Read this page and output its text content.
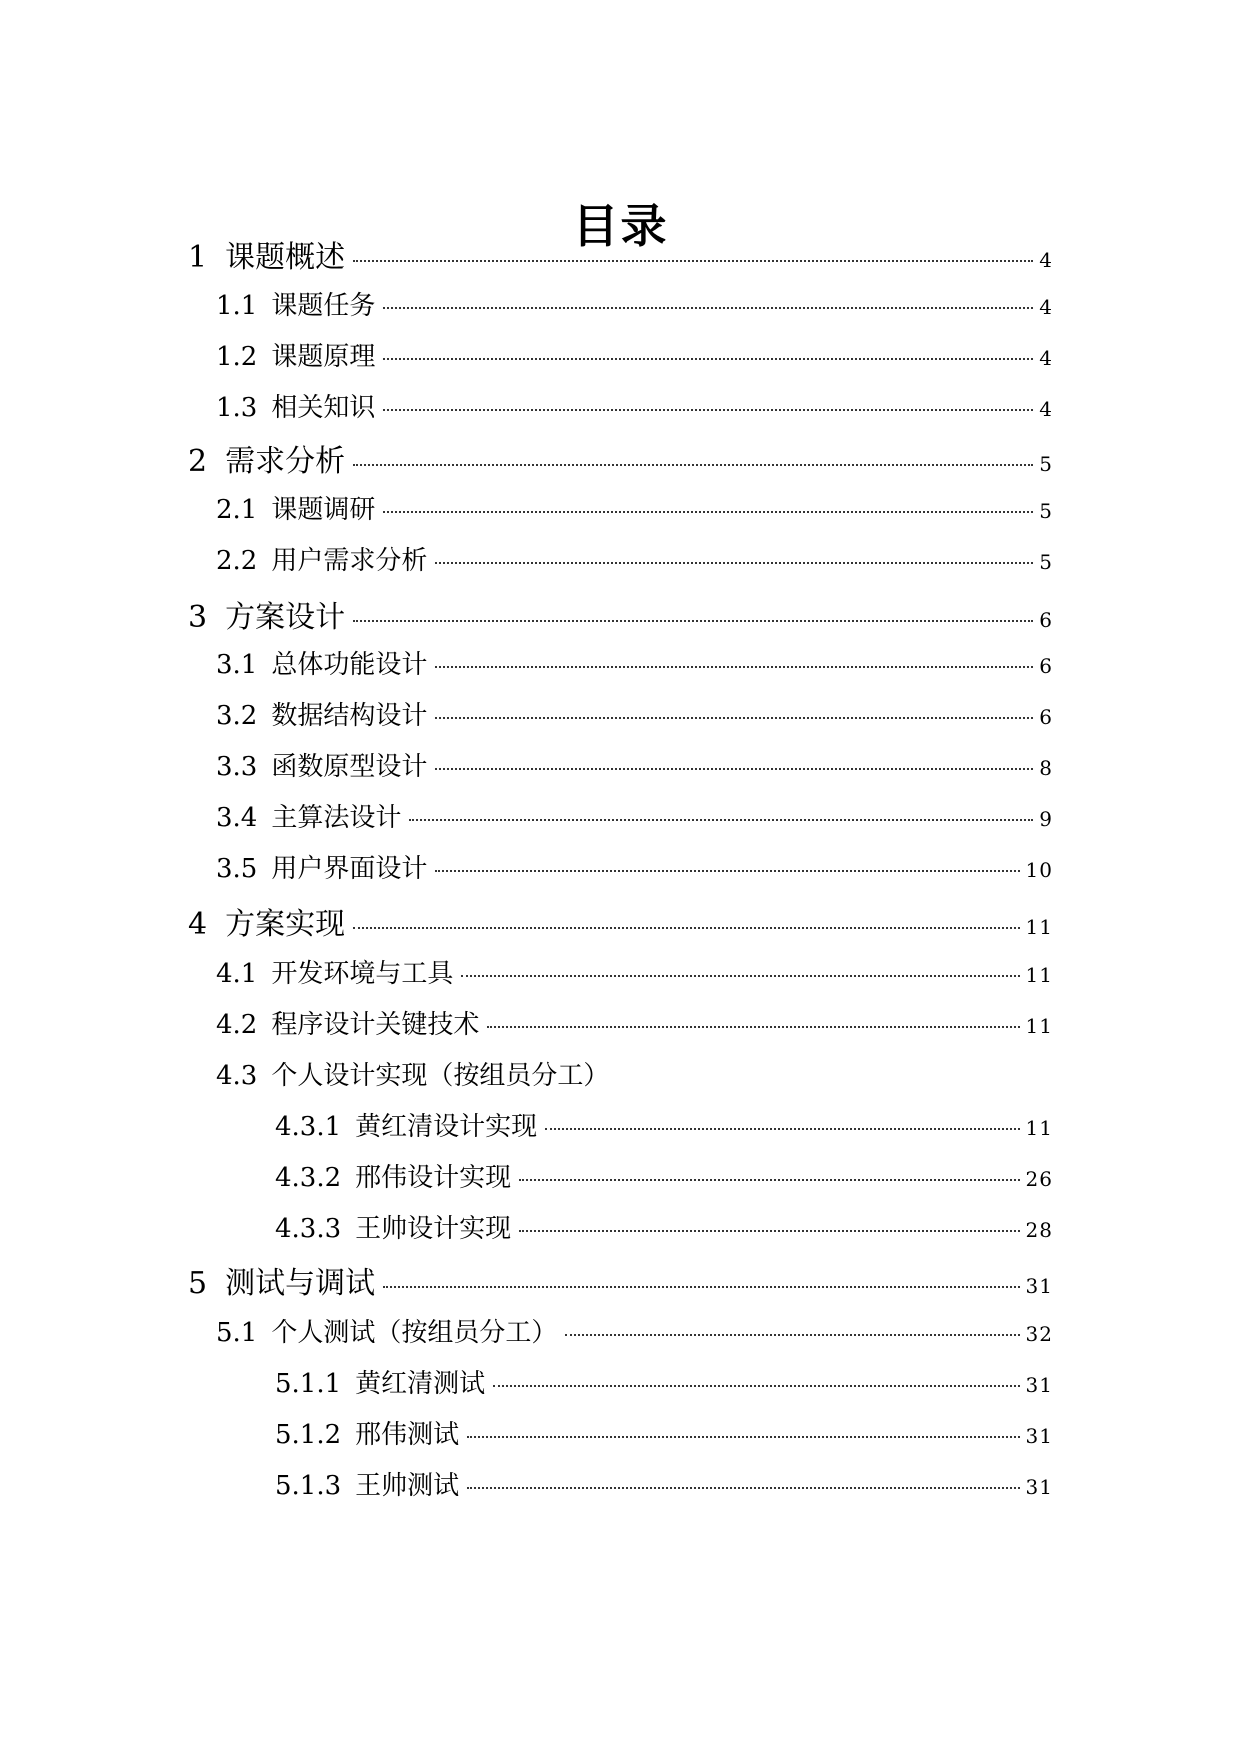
目录
1 课题概述	4
1.1 课题任务	4
1.2 课题原理	4
1.3 相关知识	4
2 需求分析	5
2.1 课题调研	5
2.2 用户需求分析	5
3 方案设计	6
3.1 总体功能设计	6
3.2 数据结构设计	6
3.3 函数原型设计	8
3.4 主算法设计	9
3.5 用户界面设计	10
4 方案实现	11
4.1 开发环境与工具	11
4.2 程序设计关键技术	11
4.3 个人设计实现（按组员分工）
4.3.1 黄红清设计实现	11
4.3.2 邢伟设计实现	26
4.3.3 王帅设计实现	28
5 测试与调试	31
5.1 个人测试（按组员分工）	32
5.1.1 黄红清测试	31
5.1.2 邢伟测试	31
5.1.3 王帅测试	31
